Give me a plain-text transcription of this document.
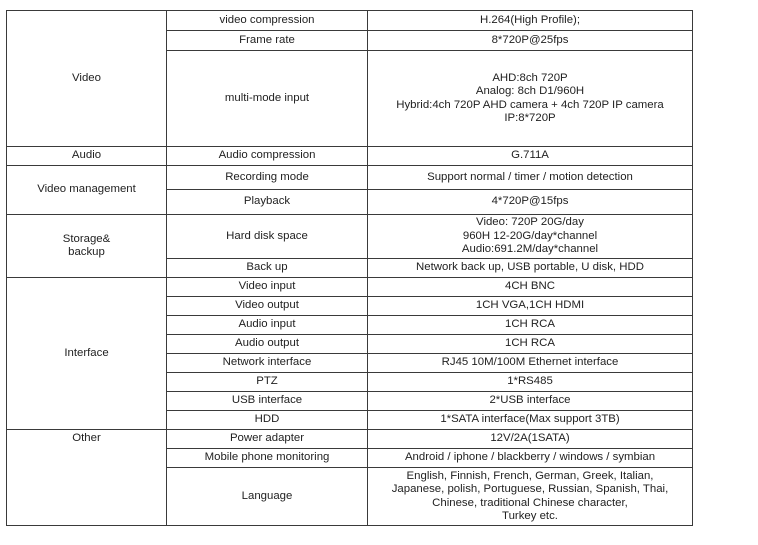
Video	video compression	H.264(High Profile);
	Frame rate	8*720P@25fps
	multi-mode input	AHD:8ch 720P
Analog: 8ch D1/960H
Hybrid:4ch 720P AHD camera + 4ch 720P IP camera
IP:8*720P

Audio	Audio compression	G.711A
Video management	Recording mode	Support normal / timer / motion detection
	Playback	4*720P@15fps

Storage&
backup	Hard disk space	Video: 720P 20G/day
960H 12-20G/day*channel
Audio:691.2M/day*channel

	Back up	Network back up, USB portable, U disk, HDD
Interface	Video input	4CH BNC
	Video output	1CH VGA,1CH HDMI
	Audio input	1CH RCA
	Audio output	1CH RCA
	Network interface	RJ45 10M/100M Ethernet interface
	PTZ	1*RS485
	USB interface	2*USB interface
	HDD	1*SATA interface(Max support 3TB)
Other	Power adapter	12V/2A(1SATA)
	Mobile phone monitoring	Android / iphone / blackberry / windows / symbian
	Language	English, Finnish, French, German, Greek, Italian,
Japanese, polish, Portuguese, Russian, Spanish, Thai,
Chinese, traditional Chinese character,
Turkey etc.
